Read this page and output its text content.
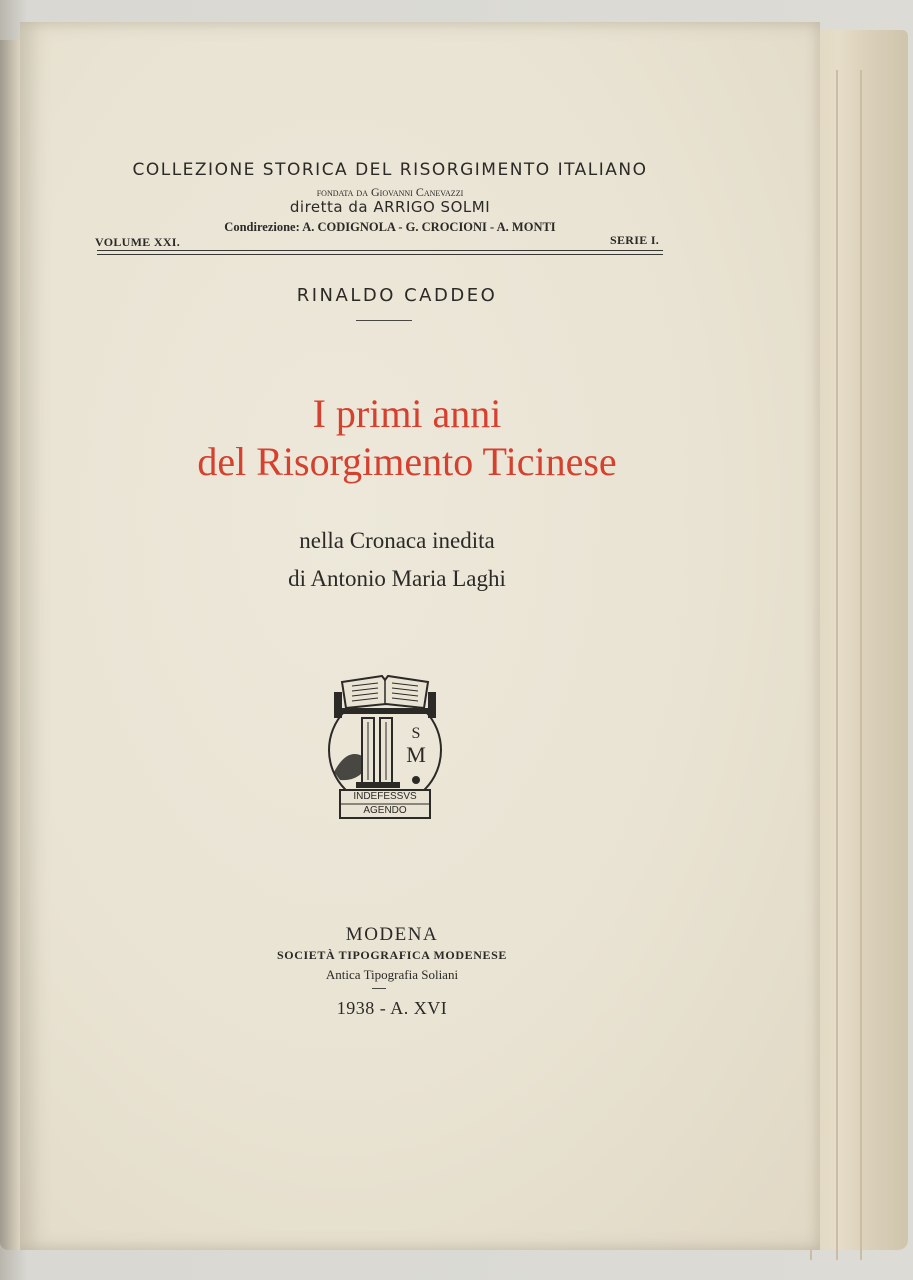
COLLEZIONE STORICA DEL RISORGIMENTO ITALIANO
fondata da Giovanni Canevazzi
diretta da ARRIGO SOLMI
Condirezione: A. CODIGNOLA - G. CROCIONI - A. MONTI
VOLUME XXI.	SERIE I.
RINALDO CADDEO
I primi anni
del Risorgimento Ticinese
nella Cronaca inedita
di Antonio Maria Laghi
S
M
INDEFESSVS
AGENDO
MODENA
SOCIETÀ TIPOGRAFICA MODENESE
Antica Tipografia Soliani
1938 - A. XVI
